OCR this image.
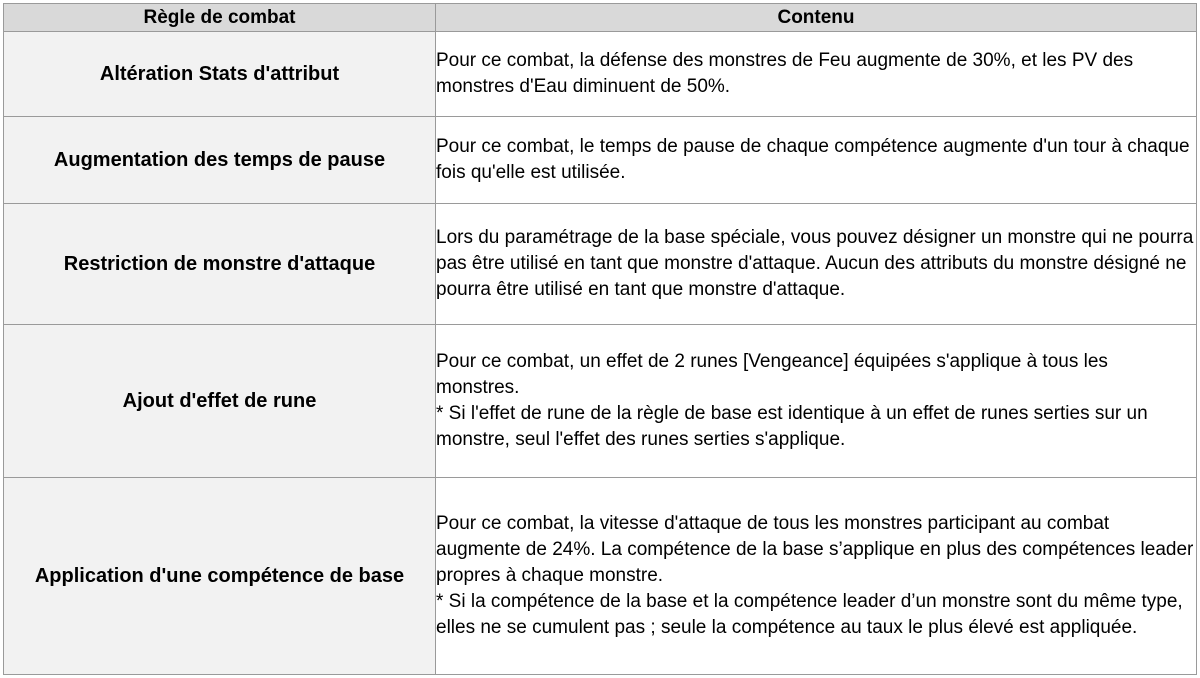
Règle de combat	Contenu
Altération Stats d'attribut	Pour ce combat, la défense des monstres de Feu augmente de 30%, et les PV des monstres d'Eau diminuent de 50%.

Augmentation des temps de pause	Pour ce combat, le temps de pause de chaque compétence augmente d'un tour à chaque fois qu'elle est utilisée.

Restriction de monstre d'attaque	Lors du paramétrage de la base spéciale, vous pouvez désigner un monstre qui ne pourra pas être utilisé en tant que monstre d'attaque. Aucun des attributs du monstre désigné ne pourra être utilisé en tant que monstre d'attaque.

Ajout d'effet de rune	Pour ce combat, un effet de 2 runes [Vengeance] équipées s'applique à tous les monstres.

* Si l'effet de rune de la règle de base est identique à un effet de runes serties sur un monstre, seul l'effet des runes serties s'applique.

Application d'une compétence de base	Pour ce combat, la vitesse d'attaque de tous les monstres participant au combat augmente de 24%. La compétence de la base s’applique en plus des compétences leader propres à chaque monstre.

* Si la compétence de la base et la compétence leader d’un monstre sont du même type, elles ne se cumulent pas ; seule la compétence au taux le plus élevé est appliquée.
